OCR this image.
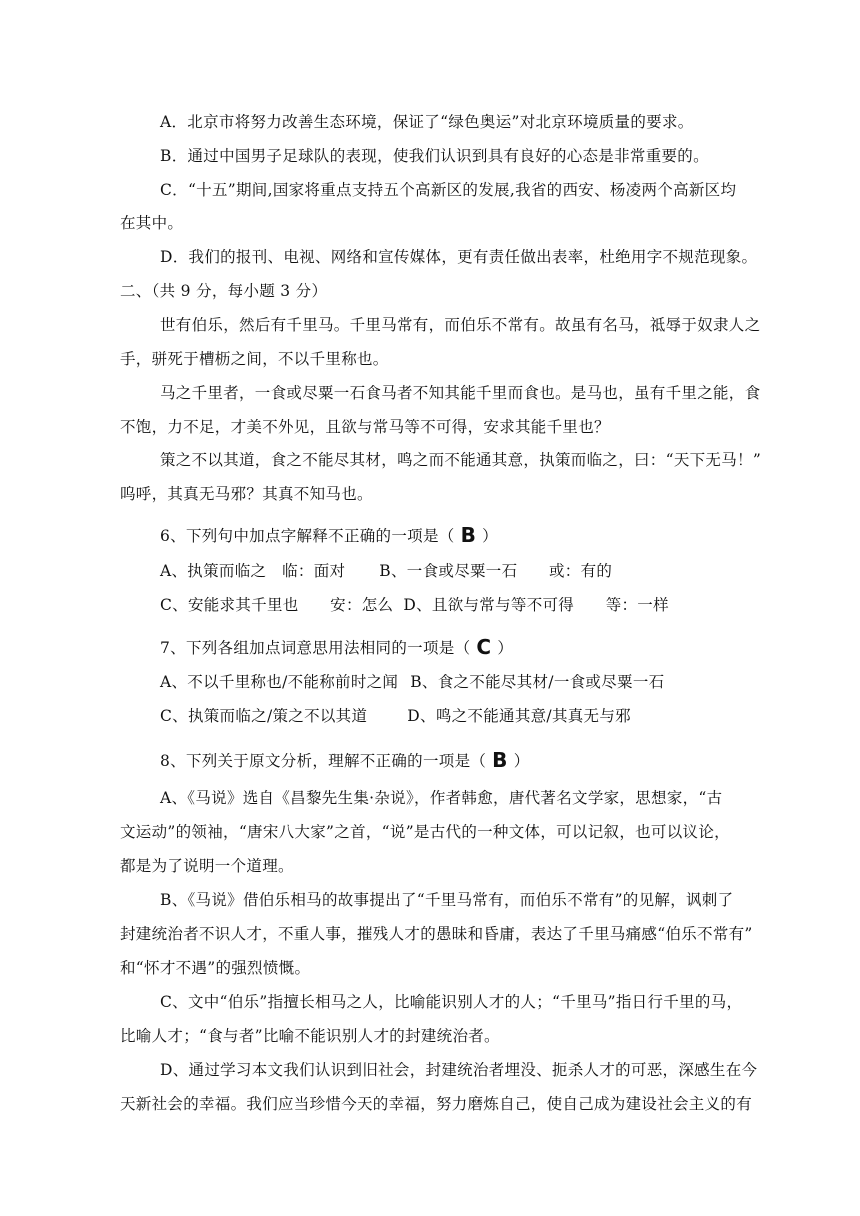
A．北京市将努力改善生态环境，保证了“绿色奥运”对北京环境质量的要求。
B．通过中国男子足球队的表现，使我们认识到具有良好的心态是非常重要的。
C．“十五”期间,国家将重点支持五个高新区的发展,我省的西安、杨凌两个高新区均
在其中。
D．我们的报刊、电视、网络和宣传媒体，更有责任做出表率，杜绝用字不规范现象。
二、（共 9 分，每小题 3 分）
世有伯乐，然后有千里马。千里马常有，而伯乐不常有。故虽有名马，祗辱于奴隶人之
手，骈死于槽枥之间，不以千里称也。
马之千里者，一食或尽粟一石食马者不知其能千里而食也。是马也，虽有千里之能，食
不饱，力不足，才美不外见，且欲与常马等不可得，安求其能千里也？
策之不以其道，食之不能尽其材，鸣之而不能通其意，执策而临之，曰：“天下无马！”
呜呼，其真无马邪？其真不知马也。
6、下列句中加点字解释不正确的一项是（ B ）
A、执策而临之　临：面对 B、一食或尽粟一石　　或：有的
C、安能求其千里也　　安：怎么 D、且欲与常与等不可得　　等：一样
7、下列各组加点词意思用法相同的一项是（ C ）
A、不以千里称也/不能称前时之闻 B、食之不能尽其材/一食或尽粟一石
C、执策而临之/策之不以其道	D、鸣之不能通其意/其真无与邪
8、下列关于原文分析，理解不正确的一项是（ B ）
A、《马说》选自《昌黎先生集·杂说》，作者韩愈，唐代著名文学家，思想家，“古
文运动”的领袖，“唐宋八大家”之首，“说”是古代的一种文体，可以记叙，也可以议论，
都是为了说明一个道理。
B、《马说》借伯乐相马的故事提出了“千里马常有，而伯乐不常有”的见解，讽刺了
封建统治者不识人才，不重人事，摧残人才的愚昧和昏庸，表达了千里马痛感“伯乐不常有”
和“怀才不遇”的强烈愤慨。
C、文中“伯乐”指擅长相马之人，比喻能识别人才的人；“千里马”指日行千里的马，
比喻人才；“食与者”比喻不能识别人才的封建统治者。
D、通过学习本文我们认识到旧社会，封建统治者埋没、扼杀人才的可恶，深感生在今
天新社会的幸福。我们应当珍惜今天的幸福，努力磨炼自己，使自己成为建设社会主义的有
